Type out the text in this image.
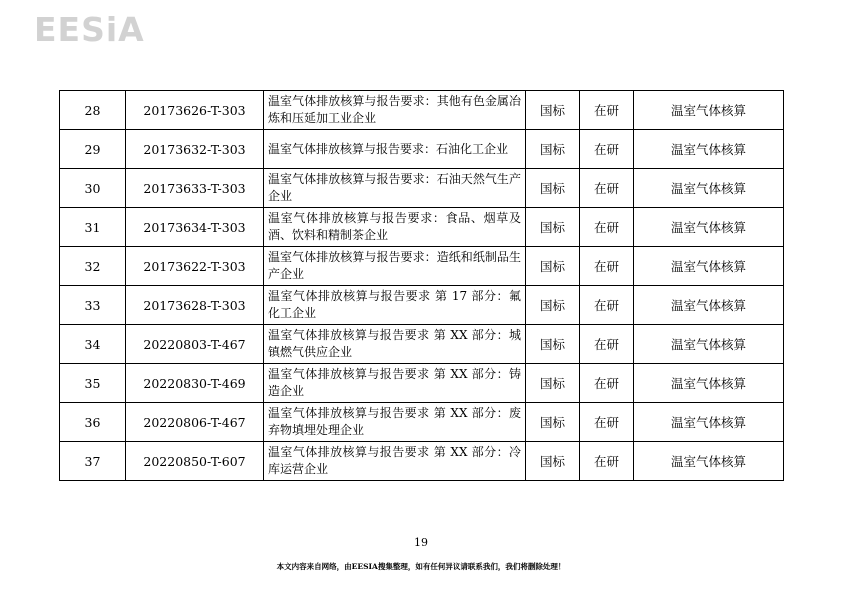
EESiA
28	20173626-T-303	温室气体排放核算与报告要求：其他有色金属冶炼和压延加工业企业	国标	在研	温室气体核算
29	20173632-T-303	温室气体排放核算与报告要求：石油化工企业	国标	在研	温室气体核算
30	20173633-T-303	温室气体排放核算与报告要求：石油天然气生产企业	国标	在研	温室气体核算
31	20173634-T-303	温室气体排放核算与报告要求：食品、烟草及酒、饮料和精制茶企业	国标	在研	温室气体核算
32	20173622-T-303	温室气体排放核算与报告要求：造纸和纸制品生产企业	国标	在研	温室气体核算
33	20173628-T-303	温室气体排放核算与报告要求 第 17 部分：氟化工企业	国标	在研	温室气体核算
34	20220803-T-467	温室气体排放核算与报告要求 第 XX 部分：城镇燃气供应企业	国标	在研	温室气体核算
35	20220830-T-469	温室气体排放核算与报告要求 第 XX 部分：铸造企业	国标	在研	温室气体核算
36	20220806-T-467	温室气体排放核算与报告要求 第 XX 部分：废弃物填埋处理企业	国标	在研	温室气体核算
37	20220850-T-607	温室气体排放核算与报告要求 第 XX 部分：冷库运营企业	国标	在研	温室气体核算
19
本文内容来自网络，由EESIA搜集整理，如有任何异议请联系我们，我们将删除处理！
